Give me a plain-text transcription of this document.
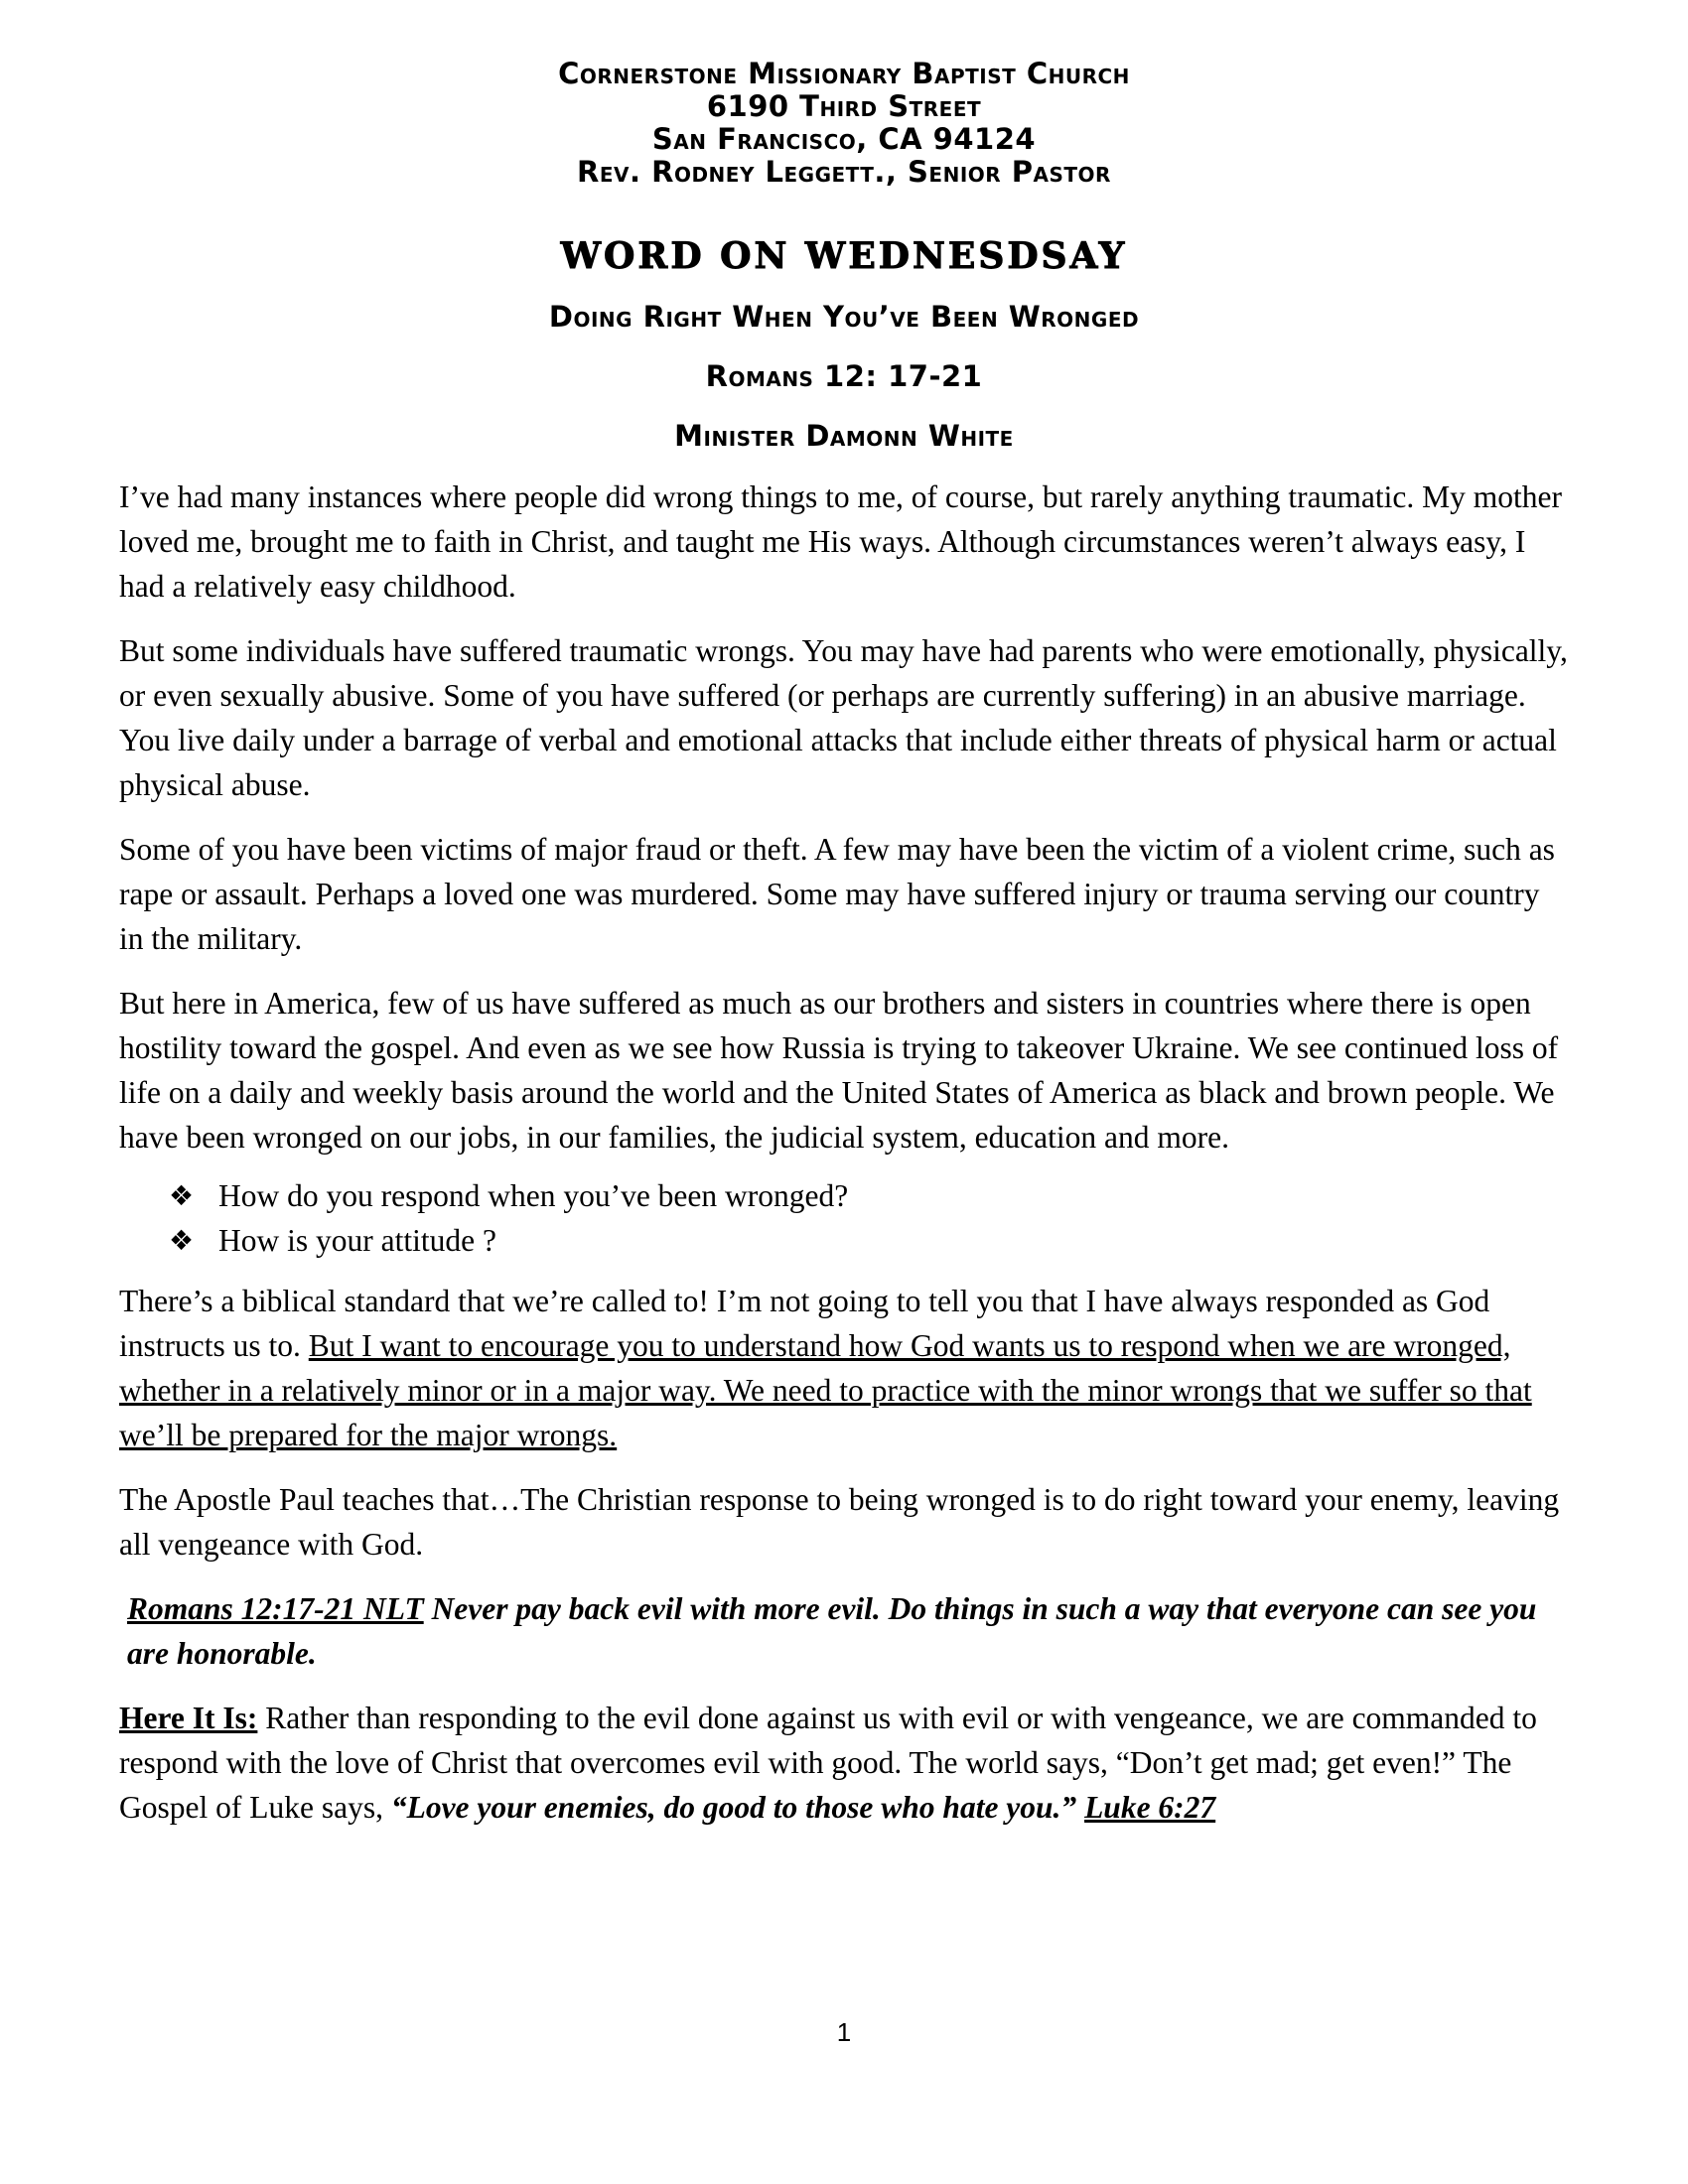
Cornerstone Missionary Baptist Church
6190 Third Street
San Francisco, CA 94124
Rev. Rodney Leggett., Senior Pastor
WORD ON WEDNESDSAY
Doing Right When You’ve Been Wronged
Romans 12: 17-21
Minister Damonn White

I’ve had many instances where people did wrong things to me, of course, but rarely anything traumatic. My mother loved me, brought me to faith in Christ, and taught me His ways. Although circumstances weren’t always easy, I had a relatively easy childhood.

But some individuals have suffered traumatic wrongs. You may have had parents who were emotionally, physically, or even sexually abusive. Some of you have suffered (or perhaps are currently suffering) in an abusive marriage. You live daily under a barrage of verbal and emotional attacks that include either threats of physical harm or actual physical abuse.

Some of you have been victims of major fraud or theft. A few may have been the victim of a violent crime, such as rape or assault. Perhaps a loved one was murdered. Some may have suffered injury or trauma serving our country in the military.

But here in America, few of us have suffered as much as our brothers and sisters in countries where there is open hostility toward the gospel. And even as we see how Russia is trying to takeover Ukraine. We see continued loss of life on a daily and weekly basis around the world and the United States of America as black and brown people. We have been wronged on our jobs, in our families, the judicial system, education and more.

❖ How do you respond when you’ve been wronged?
❖ How is your attitude ?

There’s a biblical standard that we’re called to! I’m not going to tell you that I have always responded as God instructs us to. But I want to encourage you to understand how God wants us to respond when we are wronged, whether in a relatively minor or in a major way. We need to practice with the minor wrongs that we suffer so that we’ll be prepared for the major wrongs.

The Apostle Paul teaches that…The Christian response to being wronged is to do right toward your enemy, leaving all vengeance with God.

Romans 12:17-21 NLT Never pay back evil with more evil. Do things in such a way that everyone can see you are honorable.

Here It Is: Rather than responding to the evil done against us with evil or with vengeance, we are commanded to respond with the love of Christ that overcomes evil with good. The world says, “Don’t get mad; get even!” The Gospel of Luke says, “Love your enemies, do good to those who hate you.” Luke 6:27

1
